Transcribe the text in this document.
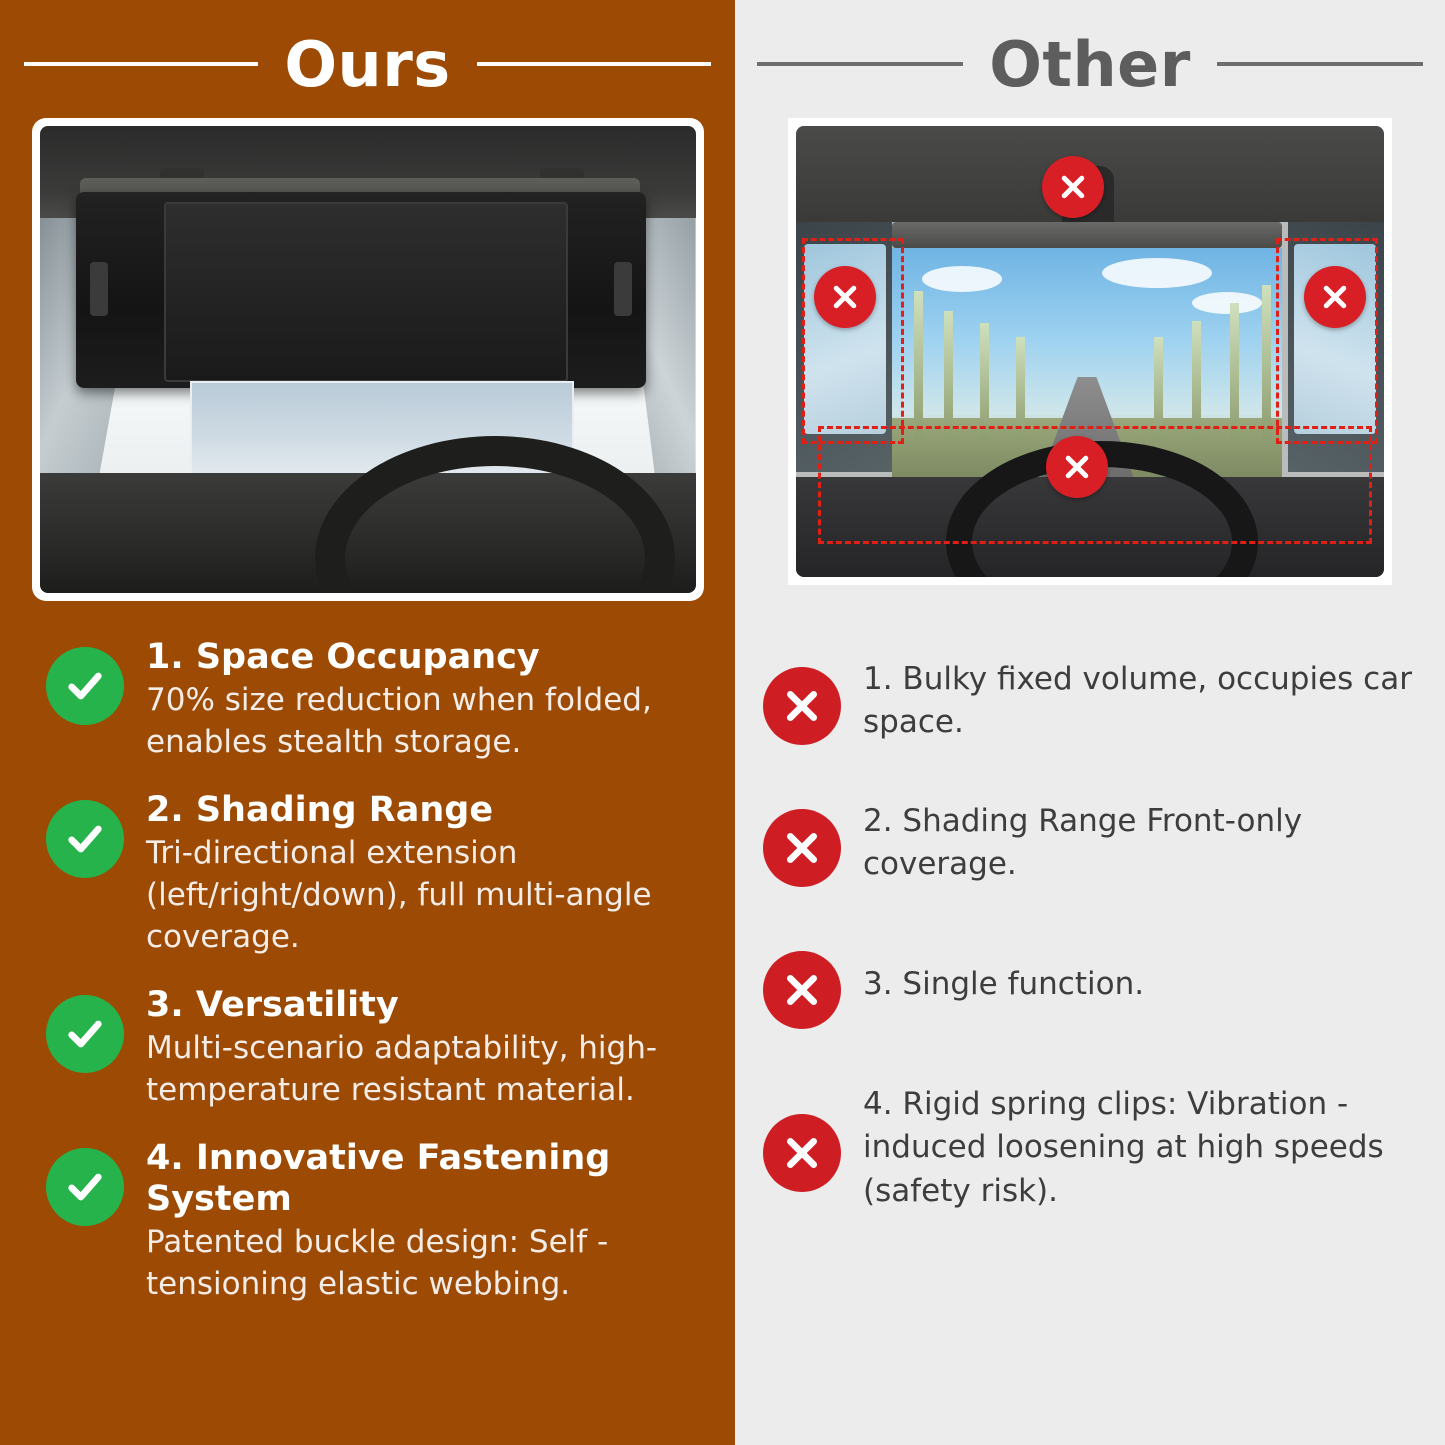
Ours
1. Space Occupancy
70% size reduction when folded, enables stealth storage.
2. Shading Range
Tri-directional extension (left/right/down), full multi-angle coverage.
3. Versatility
Multi-scenario adaptability, high-temperature resistant material.
4. Innovative Fastening System
Patented buckle design: Self -tensioning elastic webbing.
Other
1. Bulky fixed volume, occupies car space.
2. Shading Range Front-only coverage.
3. Single function.
4. Rigid spring clips: Vibration -induced loosening at high speeds (safety risk).
